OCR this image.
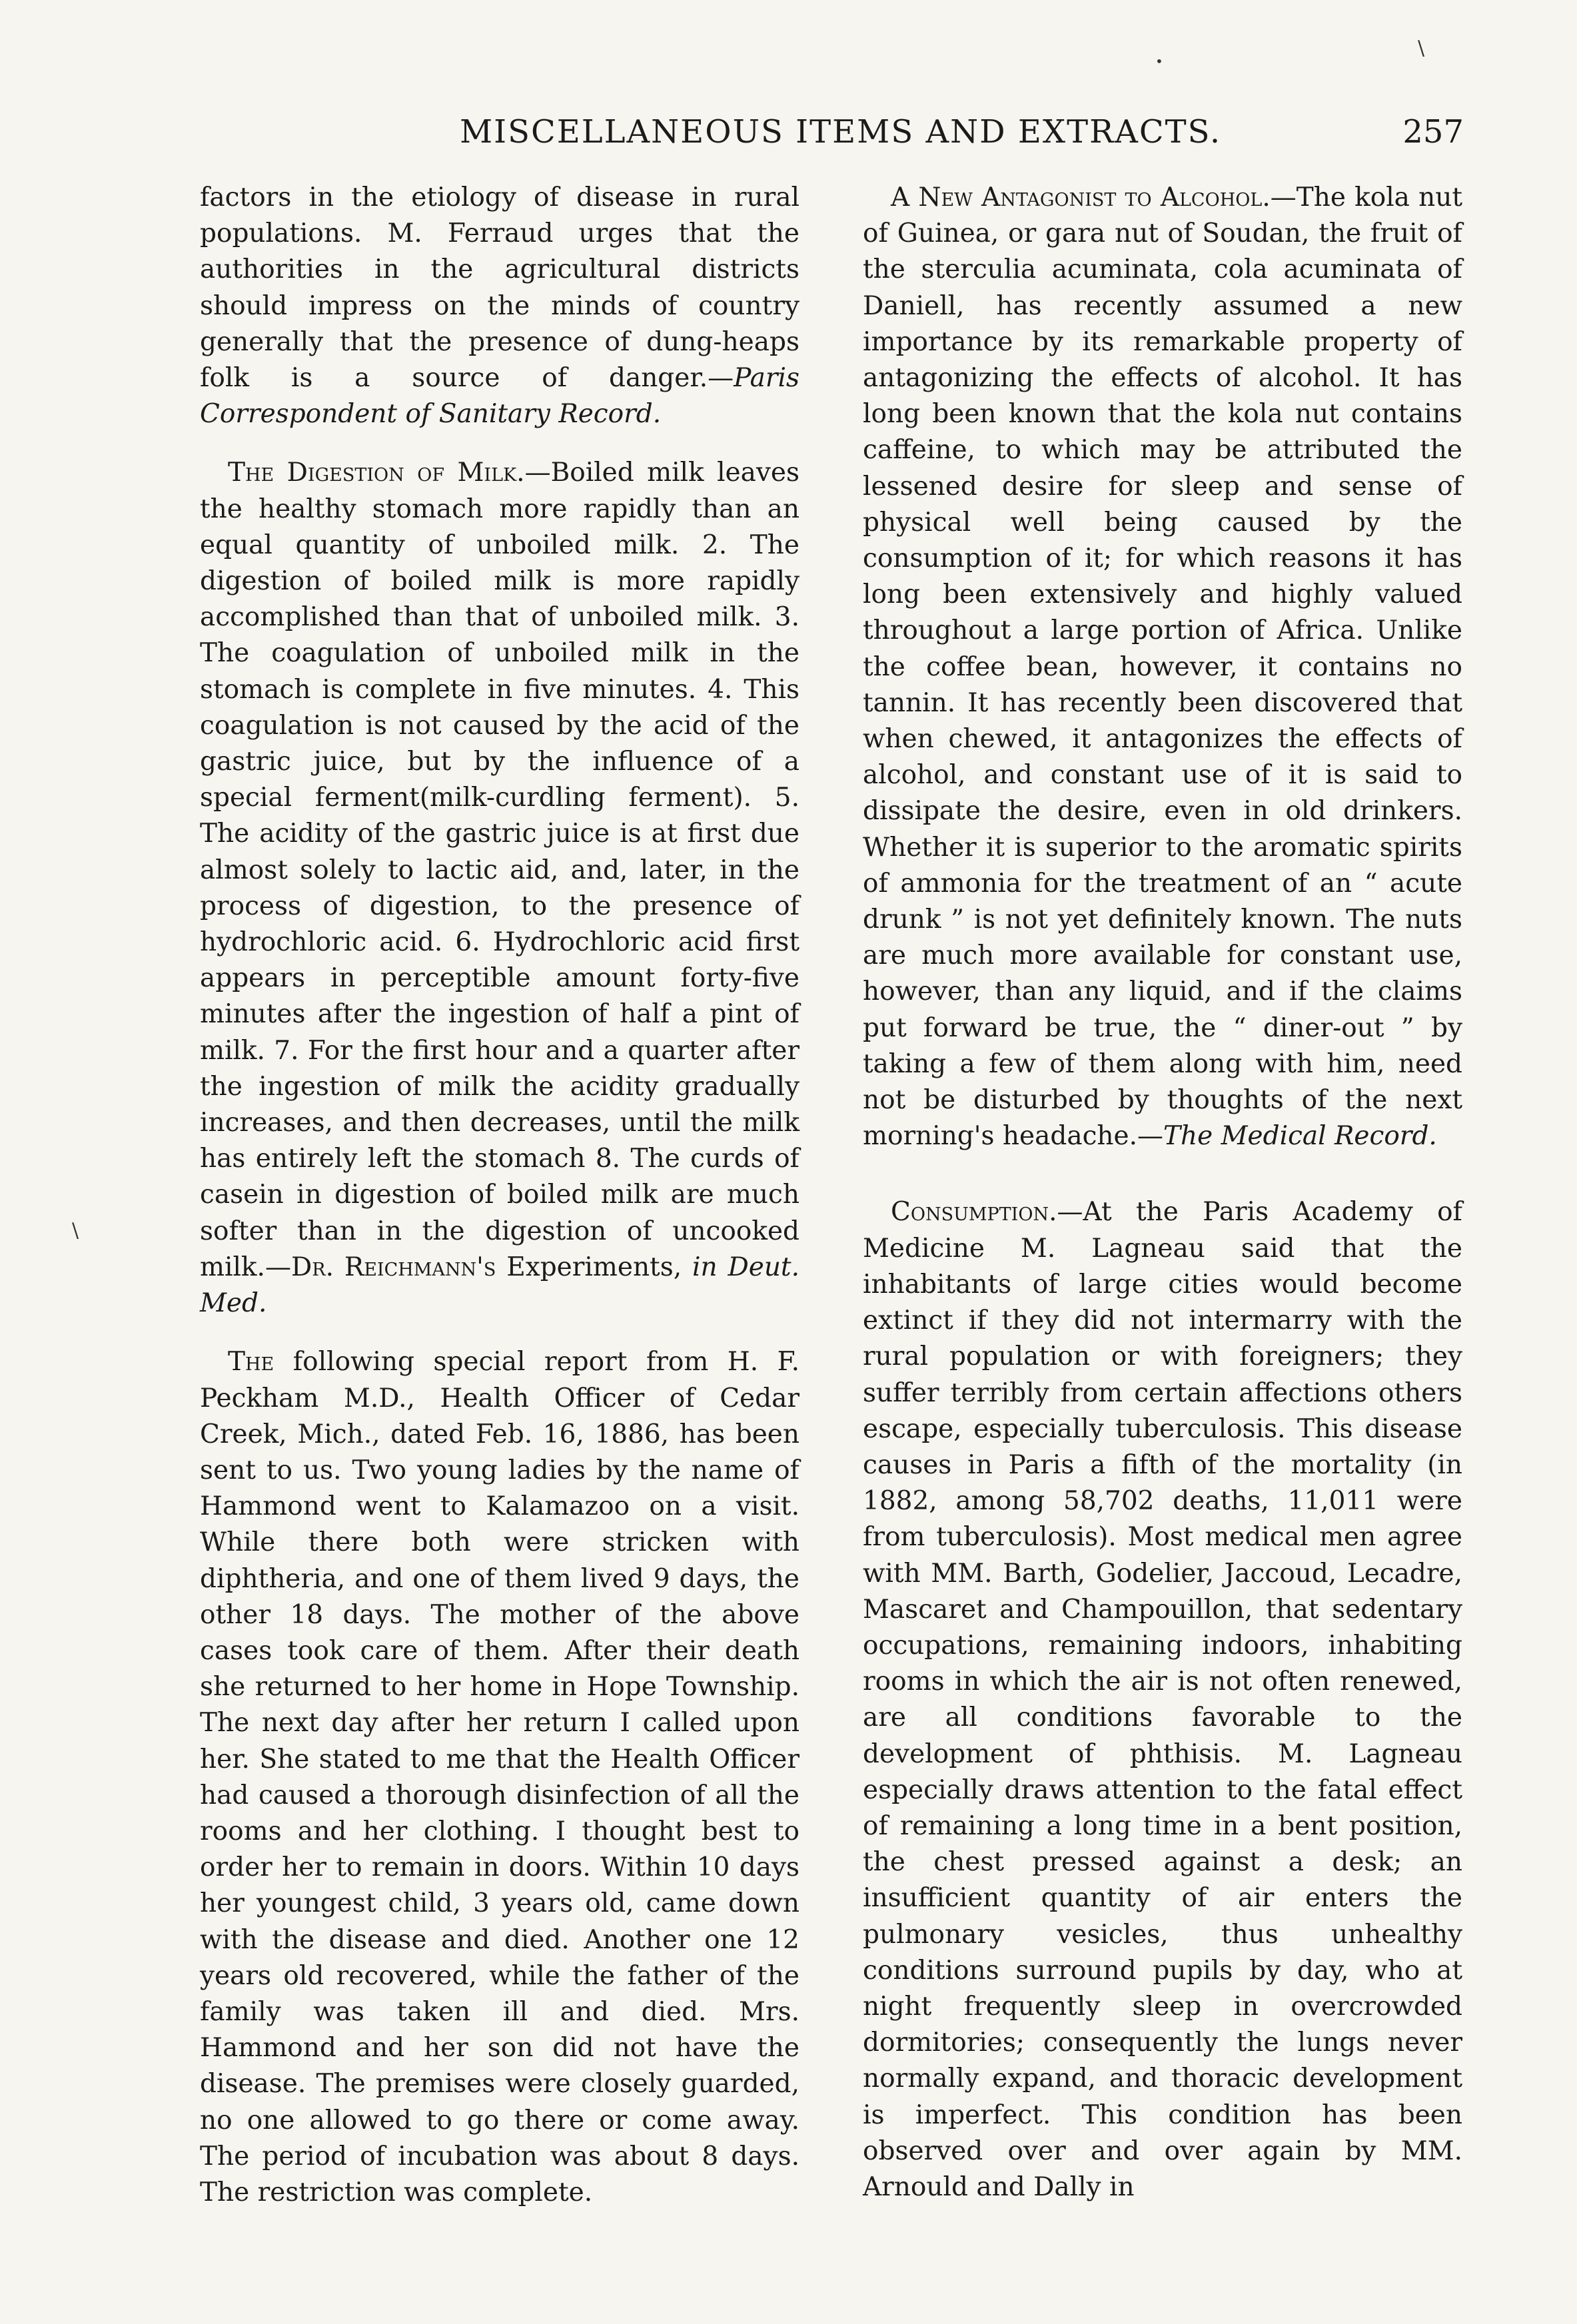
MISCELLANEOUS ITEMS AND EXTRACTS.	257
\
•
\

factors in the etiology of disease in rural populations. M. Ferraud urges that the authorities in the agricultural districts should impress on the minds of country generally that the presence of dung-heaps folk is a source of danger.—Paris Correspondent of Sanitary Record.

The Digestion of Milk.—Boiled milk leaves the healthy stomach more rapidly than an equal quantity of unboiled milk. 2. The digestion of boiled milk is more rapidly accomplished than that of unboiled milk. 3. The coagulation of unboiled milk in the stomach is complete in five minutes. 4. This coagulation is not caused by the acid of the gastric juice, but by the influence of a special ferment(milk-curdling ferment). 5. The acidity of the gastric juice is at first due almost solely to lactic aid, and, later, in the process of digestion, to the presence of hydrochloric acid. 6. Hydrochloric acid first appears in perceptible amount forty-five minutes after the ingestion of half a pint of milk. 7. For the first hour and a quarter after the ingestion of milk the acidity gradually increases, and then decreases, until the milk has entirely left the stomach 8. The curds of casein in digestion of boiled milk are much softer than in the digestion of uncooked milk.—Dr. Reichmann's Experiments, in Deut. Med.

The following special report from H. F. Peckham M.D., Health Officer of Cedar Creek, Mich., dated Feb. 16, 1886, has been sent to us. Two young ladies by the name of Hammond went to Kalamazoo on a visit. While there both were stricken with diphtheria, and one of them lived 9 days, the other 18 days. The mother of the above cases took care of them. After their death she returned to her home in Hope Township. The next day after her return I called upon her. She stated to me that the Health Officer had caused a thorough disinfection of all the rooms and her clothing. I thought best to order her to remain in doors. Within 10 days her youngest child, 3 years old, came down with the disease and died. Another one 12 years old recovered, while the father of the family was taken ill and died. Mrs. Hammond and her son did not have the disease. The premises were closely guarded, no one allowed to go there or come away. The period of incubation was about 8 days. The restriction was complete.

A New Antagonist to Alcohol.—The kola nut of Guinea, or gara nut of Soudan, the fruit of the sterculia acuminata, cola acuminata of Daniell, has recently assumed a new importance by its remarkable property of antagonizing the effects of alcohol. It has long been known that the kola nut contains caffeine, to which may be attributed the lessened desire for sleep and sense of physical well being caused by the consumption of it; for which reasons it has long been extensively and highly valued throughout a large portion of Africa. Unlike the coffee bean, however, it contains no tannin. It has recently been discovered that when chewed, it antagonizes the effects of alcohol, and constant use of it is said to dissipate the desire, even in old drinkers. Whether it is superior to the aromatic spirits of ammonia for the treatment of an “ acute drunk ” is not yet definitely known. The nuts are much more available for constant use, however, than any liquid, and if the claims put forward be true, the “ diner-out ” by taking a few of them along with him, need not be disturbed by thoughts of the next morning's headache.—The Medical Record.

Consumption.—At the Paris Academy of Medicine M. Lagneau said that the inhabitants of large cities would become extinct if they did not intermarry with the rural population or with foreigners; they suffer terribly from certain affections others escape, especially tuberculosis. This disease causes in Paris a fifth of the mortality (in 1882, among 58,702 deaths, 11,011 were from tuberculosis). Most medical men agree with MM. Barth, Godelier, Jaccoud, Lecadre, Mascaret and Champouillon, that sedentary occupations, remaining indoors, inhabiting rooms in which the air is not often renewed, are all conditions favorable to the development of phthisis. M. Lagneau especially draws attention to the fatal effect of remaining a long time in a bent position, the chest pressed against a desk; an insufficient quantity of air enters the pulmonary vesicles, thus unhealthy conditions surround pupils by day, who at night frequently sleep in overcrowded dormitories; consequently the lungs never normally expand, and thoracic development is imperfect. This condition has been observed over and over again by MM. Arnould and Dally in
